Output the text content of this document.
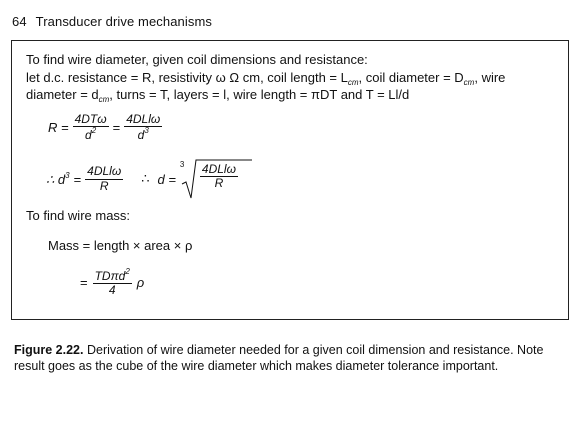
64 Transducer drive mechanisms
To find wire diameter, given coil dimensions and resistance:
let d.c. resistance = R, resistivity ω Ω cm, coil length = $L_{cm}$, coil diameter = $D_{cm}$, wire
diameter = $d_{cm}$, turns = T, layers = l, wire length = πDT and T = Ll/d
$R = \frac{\text{4DTω}}{d^2} = \frac{\text{4DLlω}}{d^3}$
∴ $d^3 = \frac{\text{4DLlω}}{R}$ ∴ d =
3 4DLlω
R
To find wire mass:
Mass = length × area × ρ
= $\frac{TD\pi d^2}{4}$ ρ
Figure 2.22. Derivation of wire diameter needed for a given coil dimension and resistance. Note result goes as the cube of the wire diameter which makes diameter tolerance important.
